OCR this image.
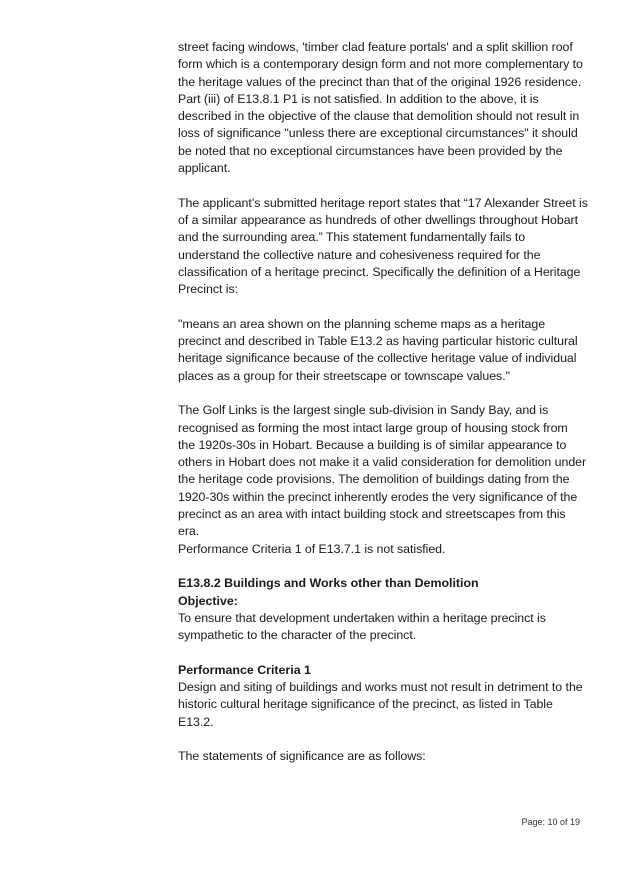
street facing windows, 'timber clad feature portals' and a split skillion roof form which is a contemporary design form and not more complementary to the heritage values of the precinct than that of the original 1926 residence. Part (iii) of E13.8.1 P1 is not satisfied. In addition to the above, it is described in the objective of the clause that demolition should not result in loss of significance "unless there are exceptional circumstances" it should be noted that no exceptional circumstances have been provided by the applicant.

The applicant’s submitted heritage report states that “17 Alexander Street is of a similar appearance as hundreds of other dwellings throughout Hobart and the surrounding area.” This statement fundamentally fails to understand the collective nature and cohesiveness required for the classification of a heritage precinct. Specifically the definition of a Heritage Precinct is:

"means an area shown on the planning scheme maps as a heritage precinct and described in Table E13.2 as having particular historic cultural heritage significance because of the collective heritage value of individual places as a group for their streetscape or townscape values."

The Golf Links is the largest single sub-division in Sandy Bay, and is recognised as forming the most intact large group of housing stock from the 1920s-30s in Hobart. Because a building is of similar appearance to others in Hobart does not make it a valid consideration for demolition under the heritage code provisions. The demolition of buildings dating from the 1920-30s within the precinct inherently erodes the very significance of the precinct as an area with intact building stock and streetscapes from this era.

Performance Criteria 1 of E13.7.1 is not satisfied.

E13.8.2 Buildings and Works other than Demolition

Objective:

To ensure that development undertaken within a heritage precinct is sympathetic to the character of the precinct.

Performance Criteria 1

Design and siting of buildings and works must not result in detriment to the historic cultural heritage significance of the precinct, as listed in Table E13.2.

The statements of significance are as follows:

Page: 10 of 19
